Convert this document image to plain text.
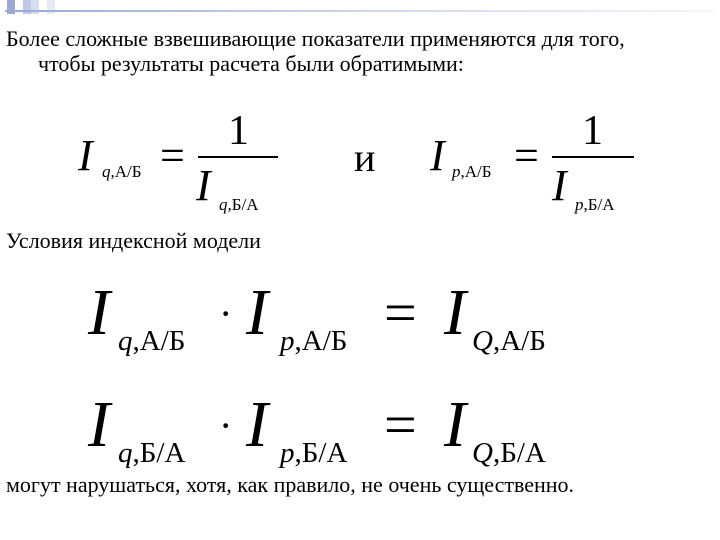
Более сложные взвешивающие показатели применяются для того,
чтобы результаты расчета были обратимыми:
I q,А/Б = 1
I q,Б/А
и I p,А/Б = 1
I p,Б/А
Условия индексной модели
I q,А/Б
· I p,А/Б = I Q,А/Б
I q,Б/А
· I p,Б/А = I Q,Б/А
могут нарушаться, хотя, как правило, не очень существенно.
